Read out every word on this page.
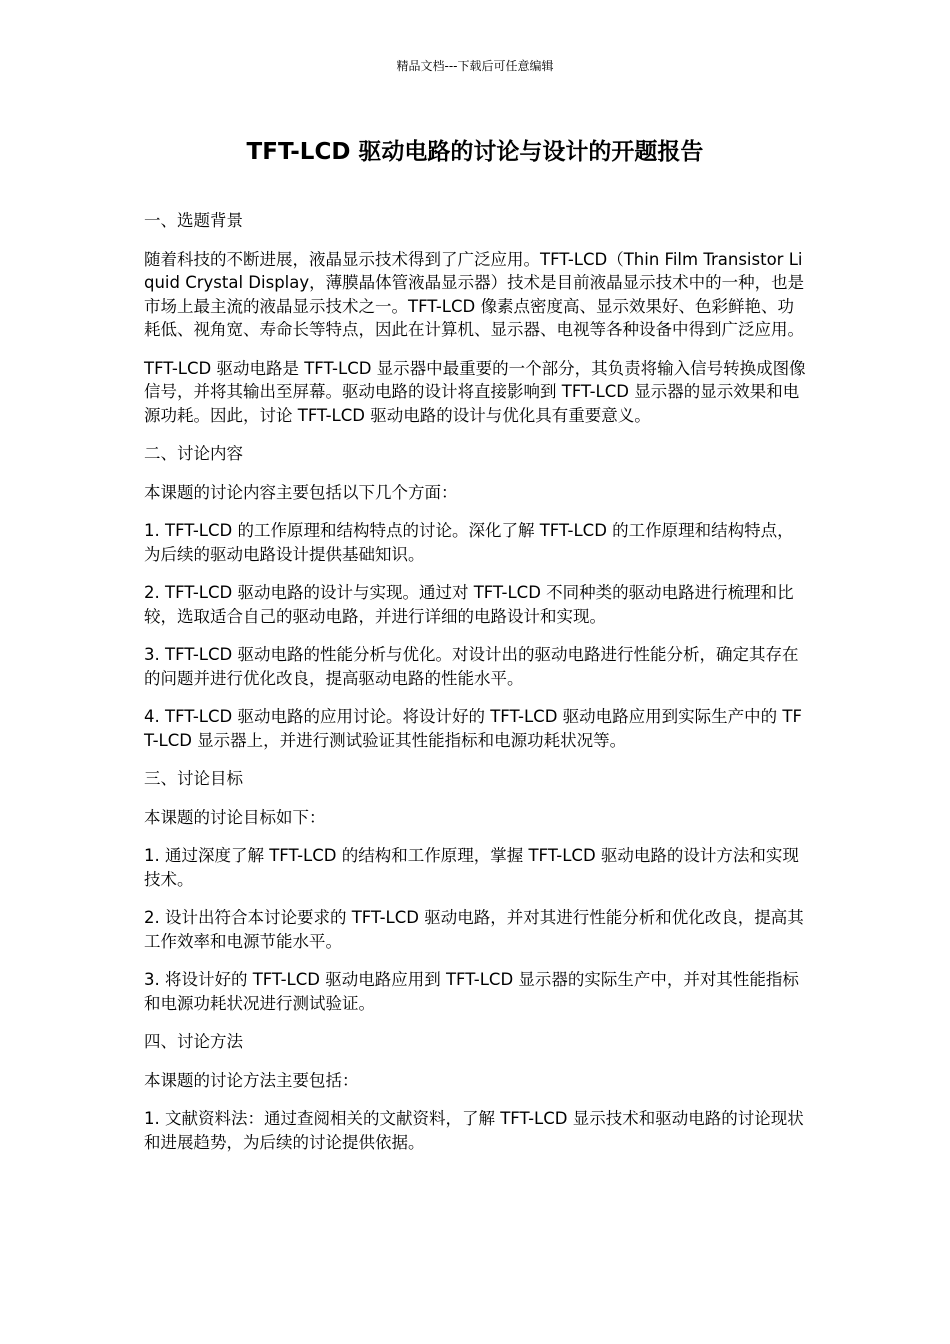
精品文档---下载后可任意编辑
TFT-LCD 驱动电路的讨论与设计的开题报告
一、选题背景
随着科技的不断进展，液晶显示技术得到了广泛应用。TFT-LCD（Thin Film Transistor Liquid Crystal Display，薄膜晶体管液晶显示器）技术是目前液晶显示技术中的一种，也是市场上最主流的液晶显示技术之一。TFT-LCD 像素点密度高、显示效果好、色彩鲜艳、功耗低、视角宽、寿命长等特点，因此在计算机、显示器、电视等各种设备中得到广泛应用。
TFT-LCD 驱动电路是 TFT-LCD 显示器中最重要的一个部分，其负责将输入信号转换成图像信号，并将其输出至屏幕。驱动电路的设计将直接影响到 TFT-LCD 显示器的显示效果和电源功耗。因此，讨论 TFT-LCD 驱动电路的设计与优化具有重要意义。
二、讨论内容
本课题的讨论内容主要包括以下几个方面：
1. TFT-LCD 的工作原理和结构特点的讨论。深化了解 TFT-LCD 的工作原理和结构特点，为后续的驱动电路设计提供基础知识。
2. TFT-LCD 驱动电路的设计与实现。通过对 TFT-LCD 不同种类的驱动电路进行梳理和比较，选取适合自己的驱动电路，并进行详细的电路设计和实现。
3. TFT-LCD 驱动电路的性能分析与优化。对设计出的驱动电路进行性能分析，确定其存在的问题并进行优化改良，提高驱动电路的性能水平。
4. TFT-LCD 驱动电路的应用讨论。将设计好的 TFT-LCD 驱动电路应用到实际生产中的 TFT-LCD 显示器上，并进行测试验证其性能指标和电源功耗状况等。
三、讨论目标
本课题的讨论目标如下：
1. 通过深度了解 TFT-LCD 的结构和工作原理，掌握 TFT-LCD 驱动电路的设计方法和实现技术。
2. 设计出符合本讨论要求的 TFT-LCD 驱动电路，并对其进行性能分析和优化改良，提高其工作效率和电源节能水平。
3. 将设计好的 TFT-LCD 驱动电路应用到 TFT-LCD 显示器的实际生产中，并对其性能指标和电源功耗状况进行测试验证。
四、讨论方法
本课题的讨论方法主要包括：
1. 文献资料法：通过查阅相关的文献资料，了解 TFT-LCD 显示技术和驱动电路的讨论现状和进展趋势，为后续的讨论提供依据。
